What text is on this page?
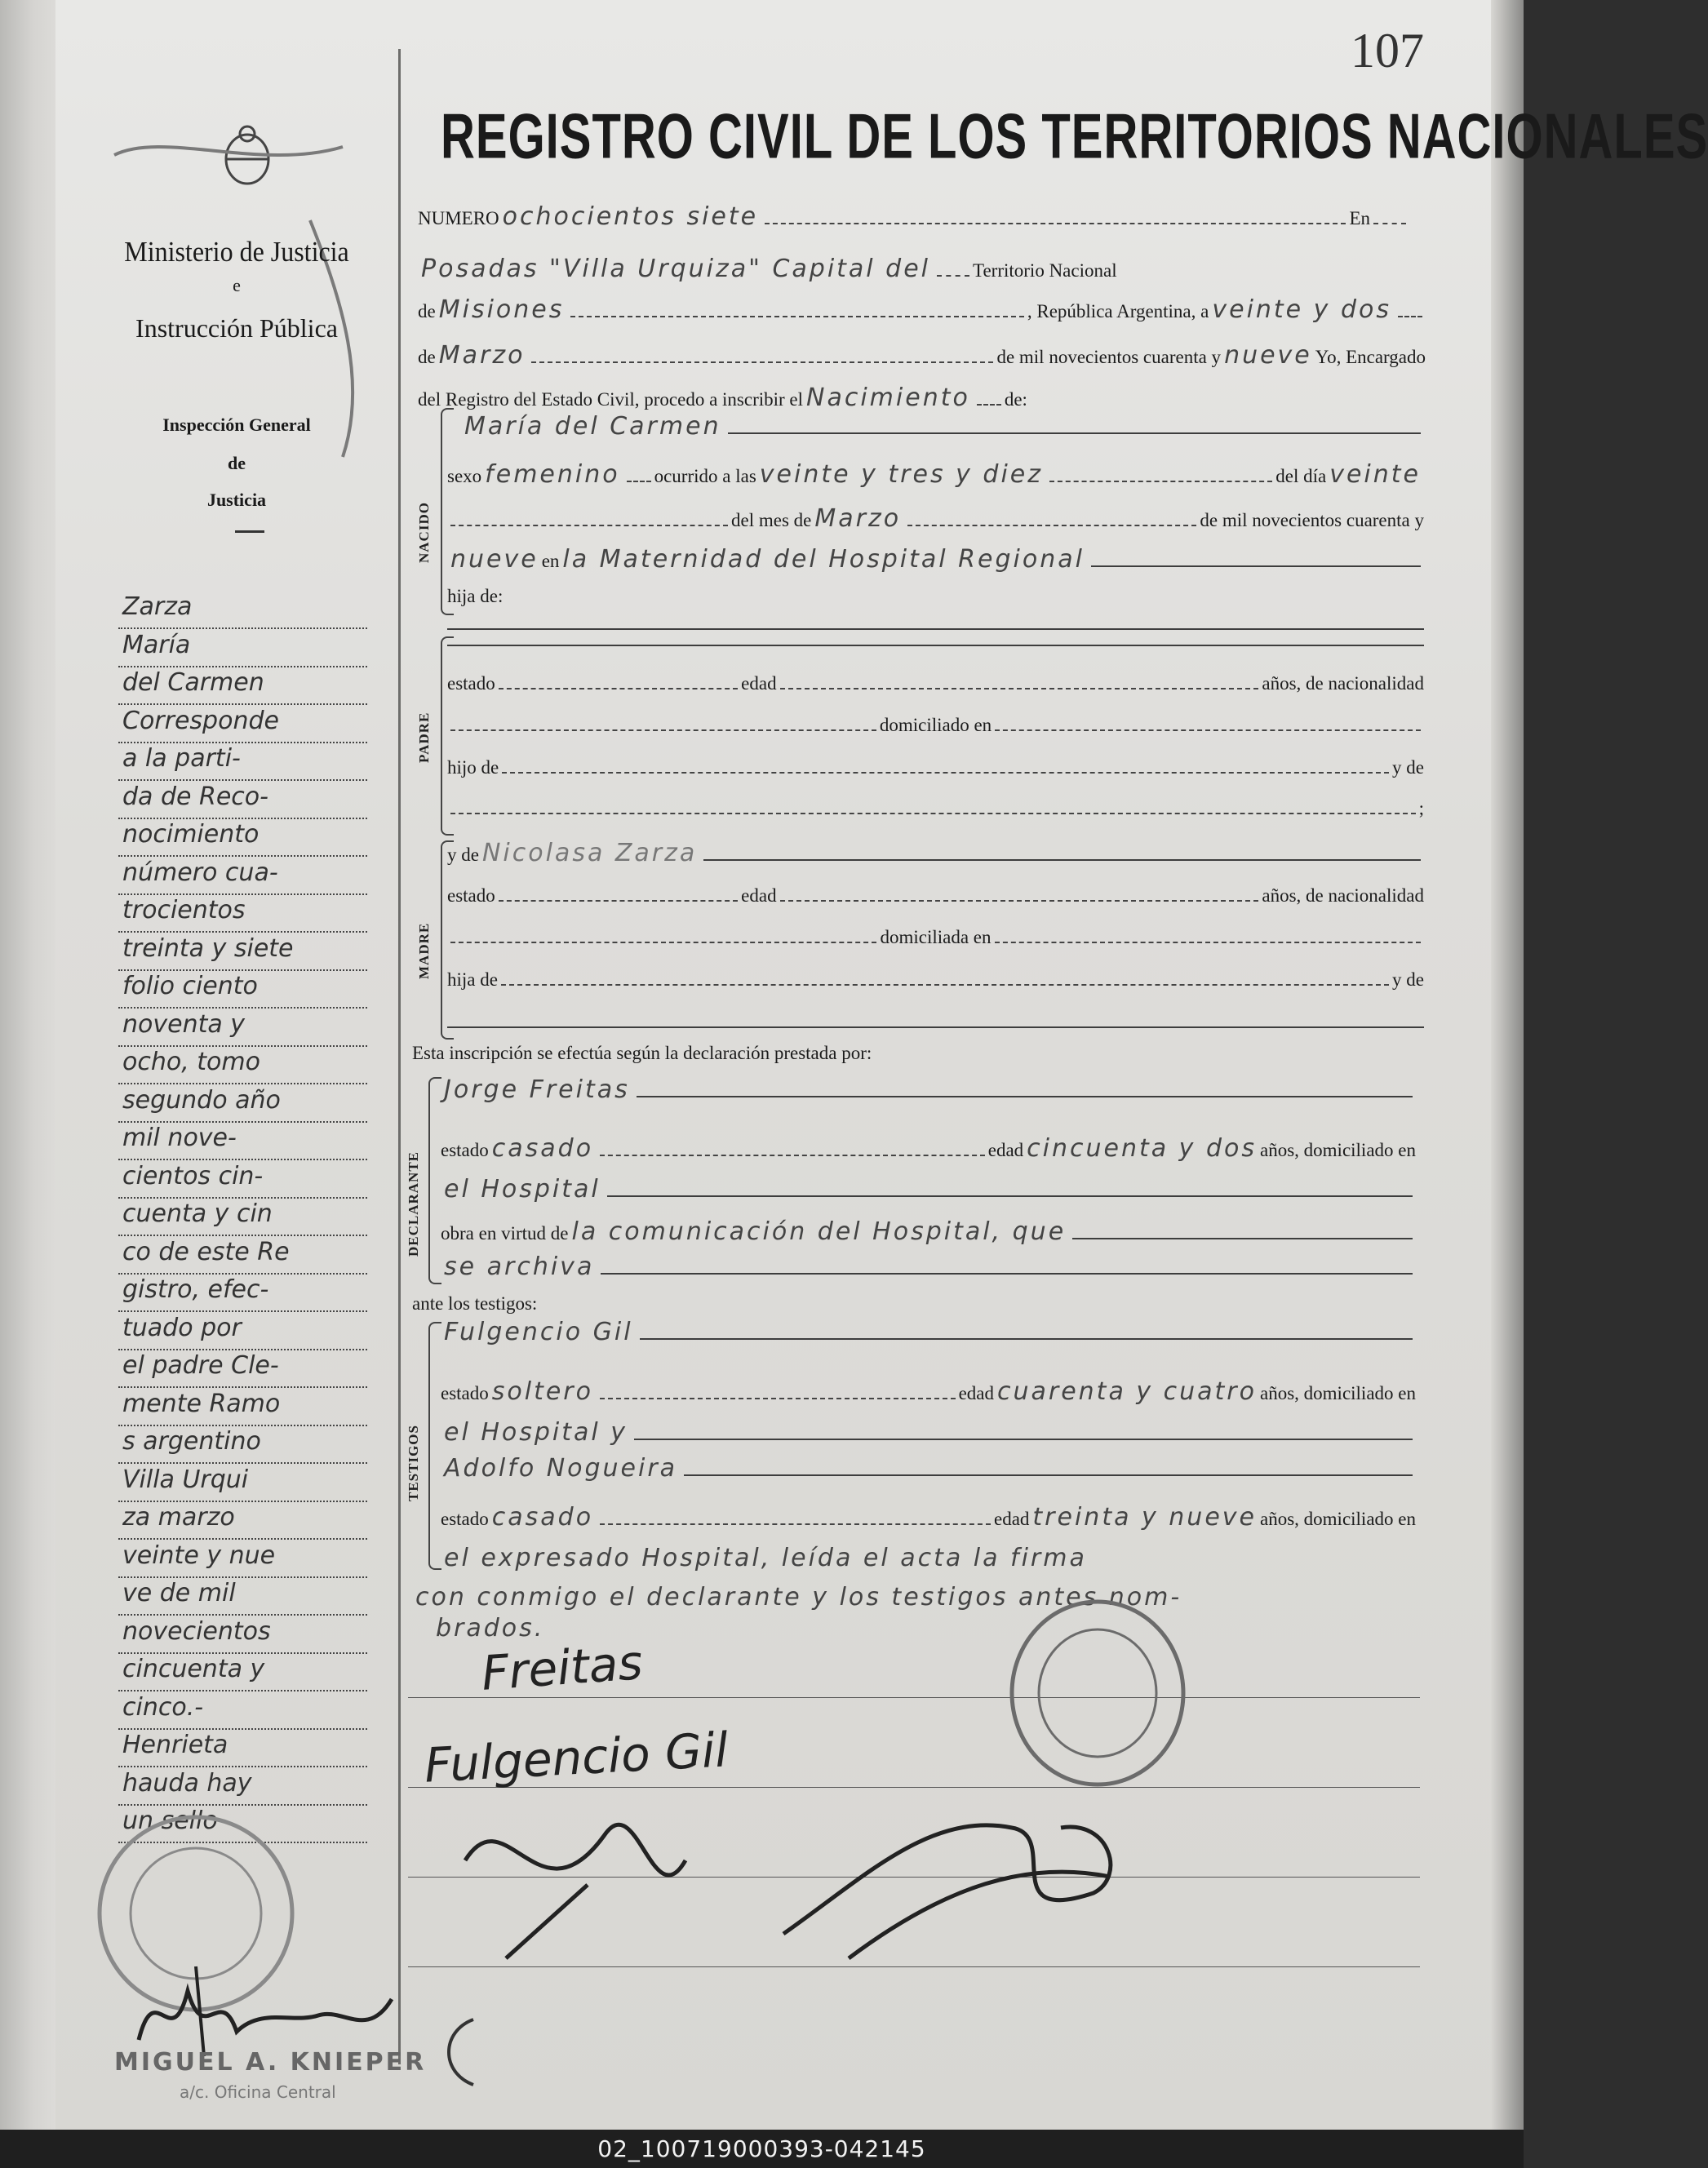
107
REGISTRO CIVIL DE LOS TERRITORIOS NACIONALES
Ministerio de Justicia
e
Instrucción Pública
Inspección General
de
Justicia
Zarza
María
del Carmen
Corresponde
a la parti-
da de Reco-
nocimiento
número cua-
trocientos
treinta y siete
folio ciento
noventa y
ocho, tomo
segundo año
mil nove-
cientos cin-
cuenta y cin
co de este Re
gistro, efec-
tuado por
el padre Cle-
mente Ramo
s argentino
Villa Urqui
za marzo
veinte y nue
ve de mil
novecientos
cincuenta y
cinco.-
Henrieta
hauda hay
un sello
NUMERO ochocientos siete	En
Posadas "Villa Urquiza" Capital del Territorio Nacional
de Misiones	, República Argentina, a veinte y dos
de Marzo	de mil novecientos cuarenta y nueve Yo, Encargado
del Registro del Estado Civil, procedo a inscribir el Nacimiento de:
NACIDO
María del Carmen
sexo femenino ocurrido a las veinte y tres y diez	del día veinte
del mes de Marzo	de mil novecientos cuarenta y
nueve en la Maternidad del Hospital Regional
hija de:
PADRE
estado	edad	años, de nacionalidad
domiciliado en
hijo de	y de
;
MADRE
y de Nicolasa Zarza
estado	edad	años, de nacionalidad
domiciliada en
hija de	y de
Esta inscripción se efectúa según la declaración prestada por:
DECLARANTE
Jorge Freitas
estado casado	edad cincuenta y dos años, domiciliado en
el Hospital
obra en virtud de la comunicación del Hospital, que
se archiva
ante los testigos:
TESTIGOS
Fulgencio Gil
estado soltero	edad cuarenta y cuatro años, domiciliado en
el Hospital y
Adolfo Nogueira
estado casado	edad treinta y nueve años, domiciliado en
el expresado Hospital, leída el acta la firma
con conmigo el declarante y los testigos antes nom-
brados.
Freitas
Fulgencio Gil
MIGUEL A. KNIEPER
a/c. Oficina Central
02_100719000393-042145
